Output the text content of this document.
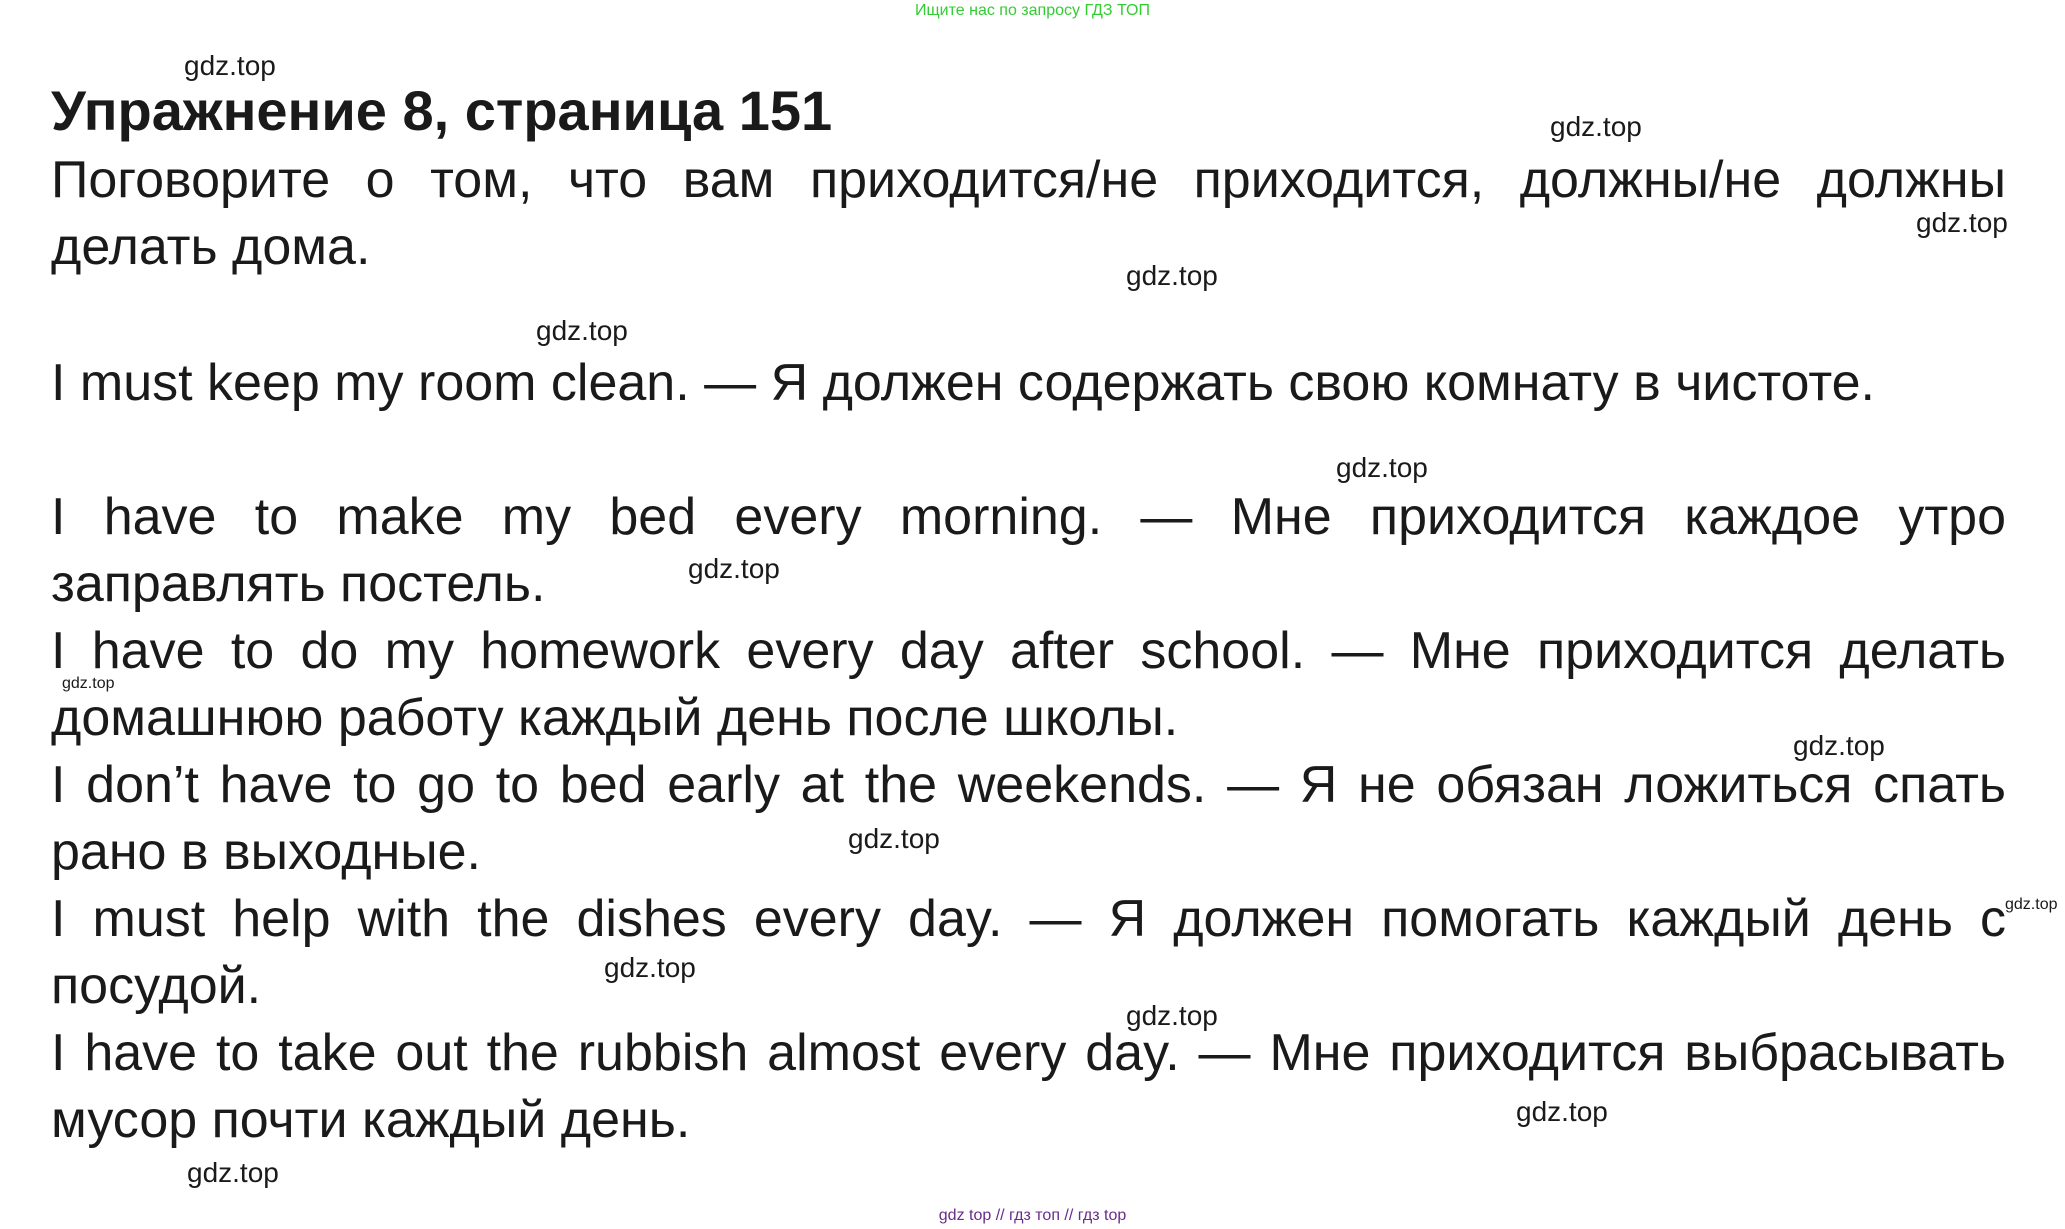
Ищите нас по запросу ГДЗ ТОП
Упражнение 8, страница 151

Поговорите о том, что вам приходится/не приходится, должны/не должны делать дома.

I must keep my room clean. — Я должен содержать свою комнату в чистоте.

I have to make my bed every morning. — Мне приходится каждое утро заправлять постель.

I have to do my homework every day after school. — Мне приходится делать домашнюю работу каждый день после школы.

I don’t have to go to bed early at the weekends. — Я не обязан ложиться спать рано в выходные.

I must help with the dishes every day. — Я должен помогать каждый день с посудой.

I have to take out the rubbish almost every day. — Мне приходится выбрасывать мусор почти каждый день.

gdz.top
gdz.top
gdz.top
gdz.top
gdz.top
gdz.top
gdz.top
gdz.top
gdz.top
gdz.top
gdz.top
gdz.top
gdz.top
gdz.top
gdz.top
gdz top // гдз топ // гдз top
